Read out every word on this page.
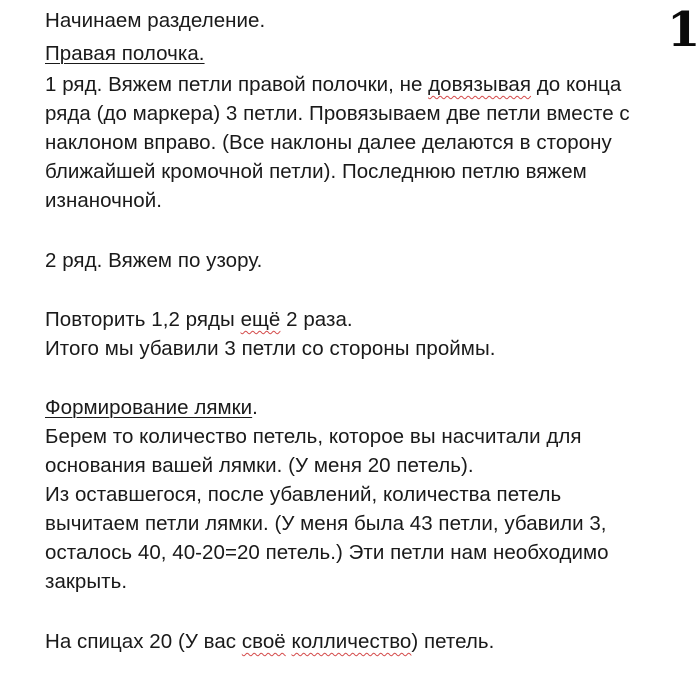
Начинаем разделение.	1
Правая полочка.
1 ряд. Вяжем петли правой полочки, не довязывая до конца
ряда (до маркера) 3 петли. Провязываем две петли вместе с
наклоном вправо. (Все наклоны далее делаются в сторону
ближайшей кромочной петли). Последнюю петлю вяжем
изнаночной.
2 ряд. Вяжем по узору.
Повторить 1,2 ряды ещё 2 раза.
Итого мы убавили 3 петли со стороны проймы.
Формирование лямки.
Берем то количество петель, которое вы насчитали для
основания вашей лямки. (У меня 20 петель).
Из оставшегося, после убавлений, количества петель
вычитаем петли лямки. (У меня была 43 петли, убавили 3,
осталось 40, 40-20=20 петель.) Эти петли нам необходимо
закрыть.
На спицах 20 (У вас своё колличество) петель.
